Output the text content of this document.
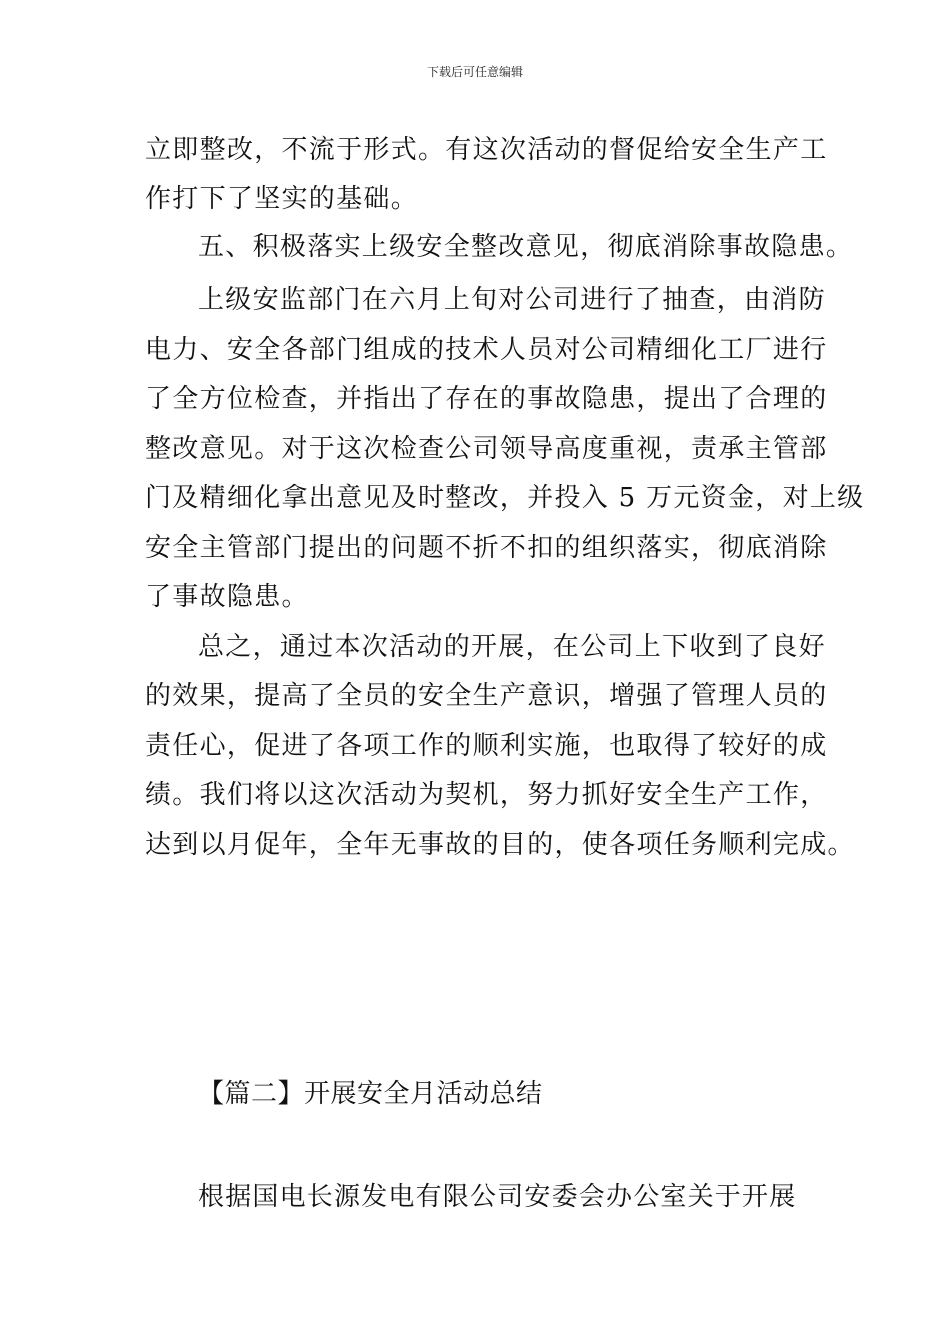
下载后可任意编辑
立即整改，不流于形式。有这次活动的督促给安全生产工
作打下了坚实的基础。
五、积极落实上级安全整改意见，彻底消除事故隐患。
上级安监部门在六月上旬对公司进行了抽查，由消防
电力、安全各部门组成的技术人员对公司精细化工厂进行
了全方位检查，并指出了存在的事故隐患，提出了合理的
整改意见。对于这次检查公司领导高度重视，责承主管部
门及精细化拿出意见及时整改，并投入 5 万元资金，对上级
安全主管部门提出的问题不折不扣的组织落实，彻底消除
了事故隐患。
总之，通过本次活动的开展，在公司上下收到了良好
的效果，提高了全员的安全生产意识，增强了管理人员的
责任心，促进了各项工作的顺利实施，也取得了较好的成
绩。我们将以这次活动为契机，努力抓好安全生产工作，
达到以月促年，全年无事故的目的，使各项任务顺利完成。
【篇二】开展安全月活动总结
根据国电长源发电有限公司安委会办公室关于开展
